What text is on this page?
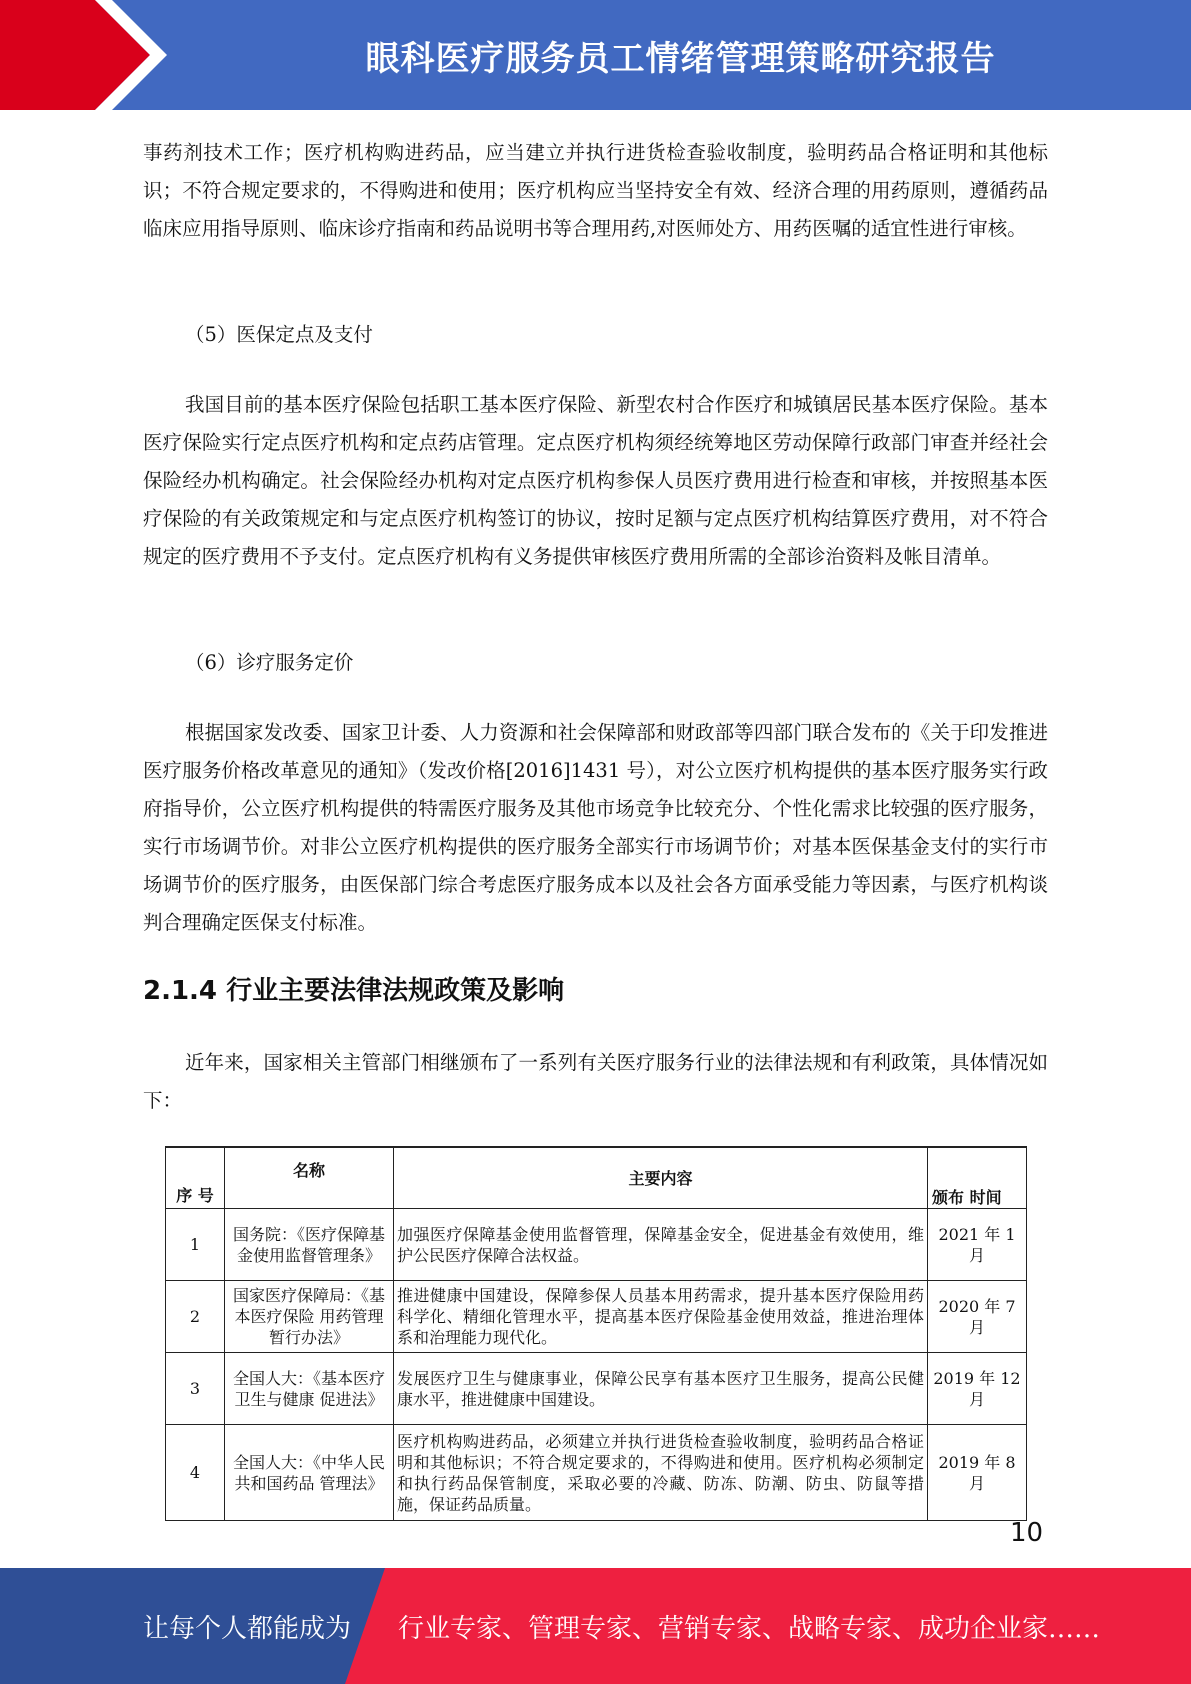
眼科医疗服务员工情绪管理策略研究报告

事药剂技术工作；医疗机构购进药品，应当建立并执行进货检查验收制度，验明药品合格证明和其他标识；不符合规定要求的，不得购进和使用；医疗机构应当坚持安全有效、经济合理的用药原则，遵循药品临床应用指导原则、临床诊疗指南和药品说明书等合理用药,对医师处方、用药医嘱的适宜性进行审核。

（5）医保定点及支付

我国目前的基本医疗保险包括职工基本医疗保险、新型农村合作医疗和城镇居民基本医疗保险。基本医疗保险实行定点医疗机构和定点药店管理。定点医疗机构须经统筹地区劳动保障行政部门审查并经社会保险经办机构确定。社会保险经办机构对定点医疗机构参保人员医疗费用进行检查和审核，并按照基本医疗保险的有关政策规定和与定点医疗机构签订的协议，按时足额与定点医疗机构结算医疗费用，对不符合规定的医疗费用不予支付。定点医疗机构有义务提供审核医疗费用所需的全部诊治资料及帐目清单。

（6）诊疗服务定价

根据国家发改委、国家卫计委、人力资源和社会保障部和财政部等四部门联合发布的《关于印发推进医疗服务价格改革意见的通知》（发改价格[2016]1431 号），对公立医疗机构提供的基本医疗服务实行政府指导价，公立医疗机构提供的特需医疗服务及其他市场竞争比较充分、个性化需求比较强的医疗服务，实行市场调节价。对非公立医疗机构提供的医疗服务全部实行市场调节价；对基本医保基金支付的实行市场调节价的医疗服务，由医保部门综合考虑医疗服务成本以及社会各方面承受能力等因素，与医疗机构谈判合理确定医保支付标准。

2.1.4 行业主要法律法规政策及影响

近年来，国家相关主管部门相继颁布了一系列有关医疗服务行业的法律法规和有利政策，具体情况如下：

序 号	名称	主要内容	颁布 时间
1	国务院：《医疗保障基金使用监督管理条》	加强医疗保障基金使用监督管理，保障基金安全，促进基金有效使用，维护公民医疗保障合法权益。	2021 年 1 月
2	国家医疗保障局：《基本医疗保险 用药管理暂行办法》	推进健康中国建设，保障参保人员基本用药需求，提升基本医疗保险用药科学化、精细化管理水平，提高基本医疗保险基金使用效益，推进治理体系和治理能力现代化。	2020 年 7 月
3	全国人大：《基本医疗卫生与健康 促进法》	发展医疗卫生与健康事业，保障公民享有基本医疗卫生服务，提高公民健康水平，推进健康中国建设。	2019 年 12 月
4	全国人大：《中华人民共和国药品 管理法》	医疗机构购进药品，必须建立并执行进货检查验收制度，验明药品合格证明和其他标识；不符合规定要求的，不得购进和使用。医疗机构必须制定和执行药品保管制度，采取必要的冷藏、防冻、防潮、防虫、防鼠等措施，保证药品质量。	2019 年 8 月
10
让每个人都能成为 行业专家、管理专家、营销专家、战略专家、成功企业家……
